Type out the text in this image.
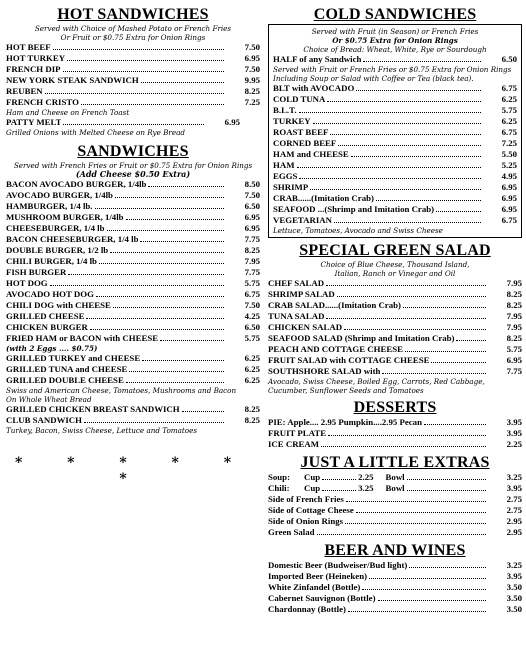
HOT SANDWICHES
Served with Choice of Mashed Potato or French Fries
Or Fruit or $0.75 Extra for Onion Rings
HOT BEEF	7.50
HOT TURKEY	6.95
FRENCH DIP	7.50
NEW YORK STEAK SANDWICH	9.95
REUBEN	8.25
FRENCH CRISTO	7.25
Ham and Cheese on French Toast
PATTY MELT	6.95
Grilled Onions with Melted Cheese on Rye Bread
SANDWICHES
Served with French Fries or Fruit or $0.75 Extra for Onion Rings
(Add Cheese $0.50 Extra)
BACON AVOCADO BURGER, 1/4lb	8.50
AVOCADO BURGER, 1/4lb	7.50
HAMBURGER, 1/4 lb.	6.50
MUSHROOM BURGER, 1/4lb	6.95
CHEESEBURGER, 1/4 lb	6.95
BACON CHEESEBURGER, 1/4 lb	7.75
DOUBLE BURGER, 1/2 lb	8.25
CHILI BURGER, 1/4 lb	7.95
FISH BURGER	7.75
HOT DOG	5.75
AVOCADO HOT DOG	6.75
CHILI DOG with CHEESE	7.50
GRILLED CHEESE	4.25
CHICKEN BURGER	6.50
FRIED HAM or BACON with CHEESE	5.75
(with 2 Eggs .... $0.75)
GRILLED TURKEY and CHEESE	6.25
GRILLED TUNA and CHEESE	6.25
GRILLED DOUBLE CHEESE	6.25
Swiss and American Cheese, Tomatoes, Mushrooms and Bacon
On Whole Wheat Bread
GRILLED CHICKEN BREAST SANDWICH	8.25
CLUB SANDWICH	8.25
Turkey, Bacon, Swiss Cheese, Lettuce and Tomatoes
* * * * * *
COLD SANDWICHES
Served with Fruit (in Season) or French Fries
Or $0.75 Extra for Onion Rings
Choice of Bread: Wheat, White, Rye or Sourdough
HALF of any Sandwich	6.50
Served with Fruit or French Fries or $0.75 Extra for Onion Rings
Including Soup or Salad with Coffee or Tea (black tea).
BLT with AVOCADO	6.75
COLD TUNA	6.25
B.L.T.	5.75
TURKEY	6.25
ROAST BEEF	6.75
CORNED BEEF	7.25
HAM and CHEESE	5.50
HAM	5.25
EGGS	4.95
SHRIMP	6.95
CRAB......(Imitation Crab)	6.95
SEAFOOD ...(Shrimp and Imitation Crab)	6.95
VEGETARIAN	6.75
Lettuce, Tomatoes, Avocado and Swiss Cheese
SPECIAL GREEN SALAD
Choice of Blue Cheese, Thousand Island,
Italian, Ranch or Vinegar and Oil
CHEF SALAD	7.95
SHRIMP SALAD	8.25
CRAB SALAD......(Imitation Crab)	8.25
TUNA SALAD	7.95
CHICKEN SALAD	7.95
SEAFOOD SALAD (Shrimp and Imitation Crab)	8.25
PEACH AND COTTAGE CHEESE	5.75
FRUIT SALAD with COTTAGE CHEESE	6.95
SOUTHSHORE SALAD with	7.75
Avocado, Swiss Cheese, Boiled Egg, Carrots, Red Cabbage,
Cucumber, Sunflower Seeds and Tomatoes
DESSERTS
PIE: Apple.... 2.95 Pumpkin....2.95 Pecan	3.95
FRUIT PLATE	3.95
ICE CREAM	2.25
JUST A LITTLE EXTRAS
Soup:	Cup	2.25 Bowl	3.25
Chili:	Cup	3.25 Bowl	3.95
Side of French Fries	2.75
Side of Cottage Cheese	2.75
Side of Onion Rings	2.95
Green Salad	2.95
BEER AND WINES
Domestic Beer (Budweiser/Bud light)	3.25
Imported Beer (Heineken)	3.95
White Zinfandel (Bottle)	3.50
Cabernet Sauvignon (Bottle)	3.50
Chardonnay (Bottle)	3.50
